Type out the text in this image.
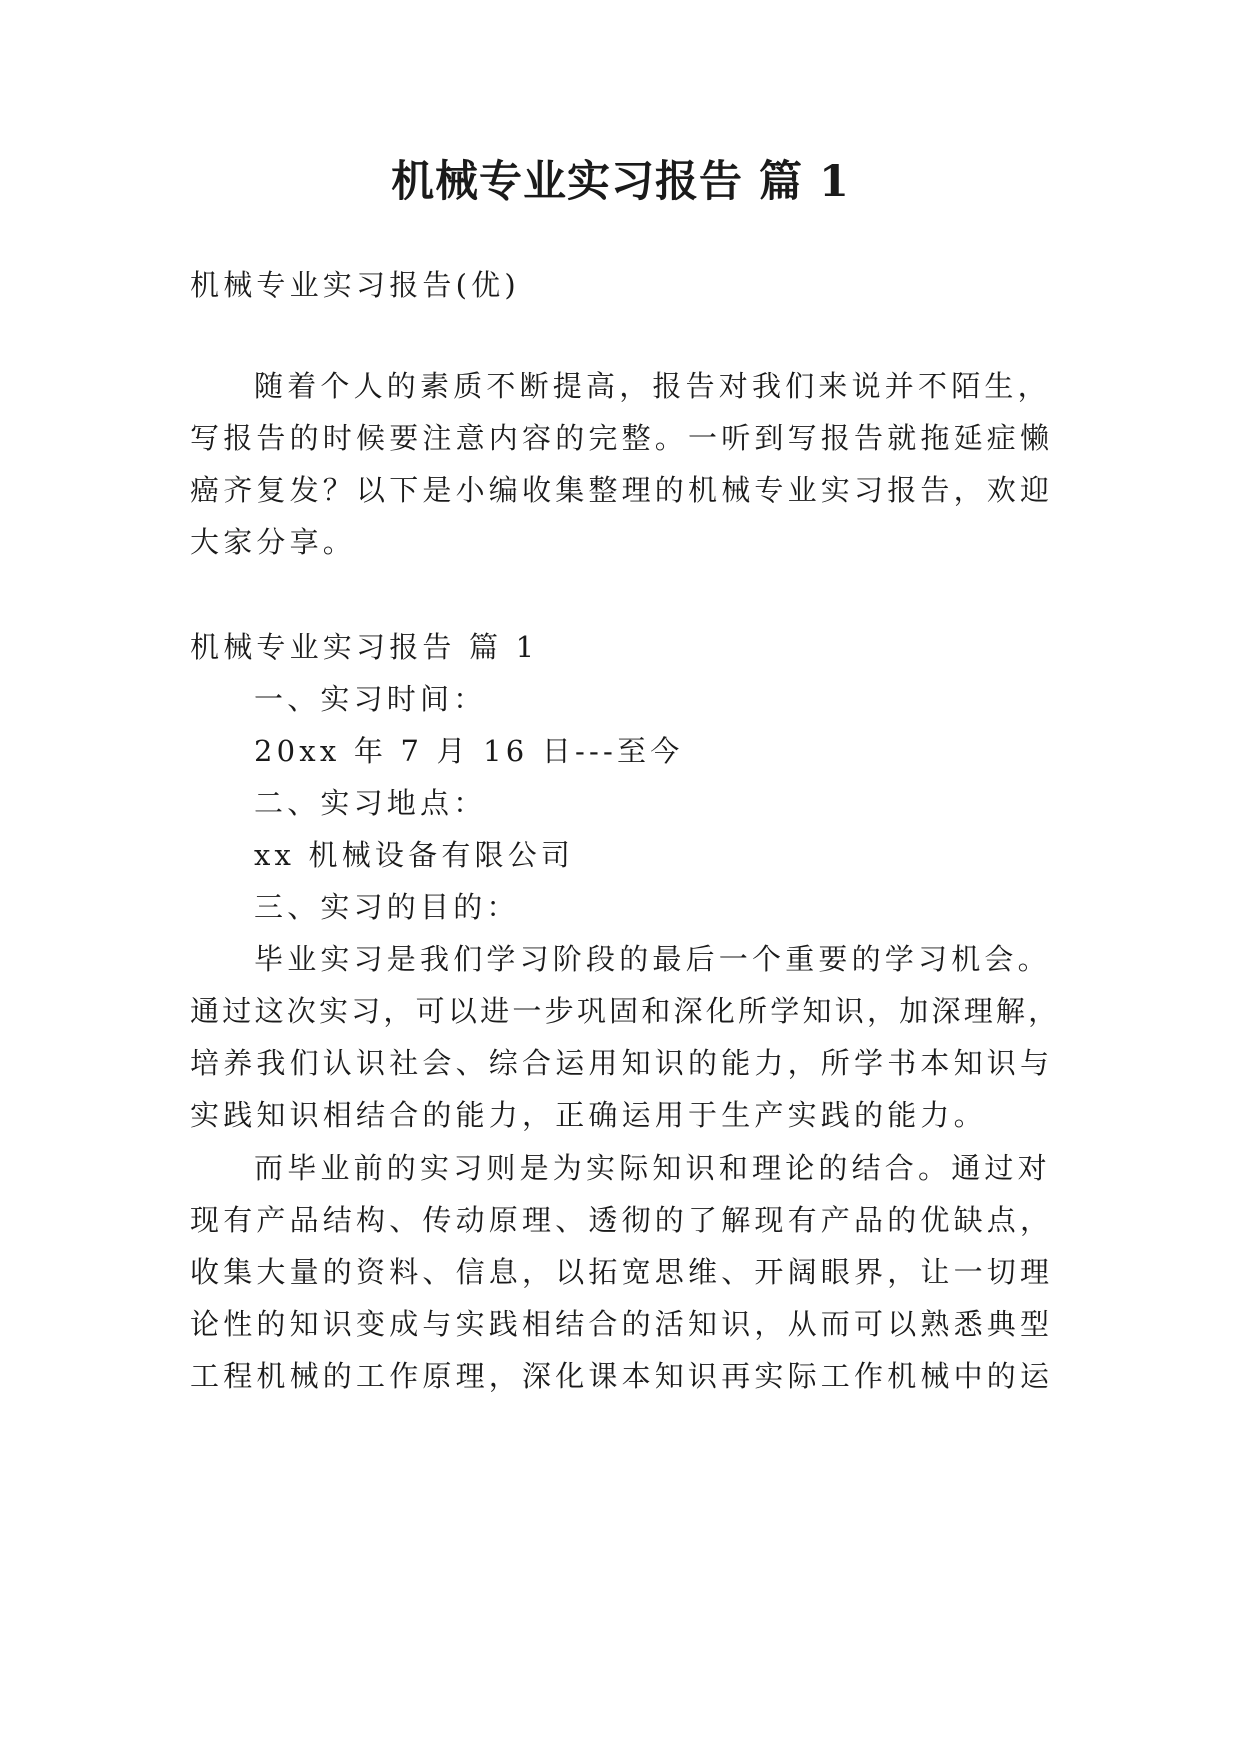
机械专业实习报告 篇 1
机械专业实习报告(优)
随着个人的素质不断提高，报告对我们来说并不陌生，
写报告的时候要注意内容的完整。一听到写报告就拖延症懒
癌齐复发？以下是小编收集整理的机械专业实习报告，欢迎
大家分享。
机械专业实习报告 篇 1
一、实习时间：
20xx 年 7 月 16 日---至今
二、实习地点：
xx 机械设备有限公司
三、实习的目的：
毕业实习是我们学习阶段的最后一个重要的学习机会。
通过这次实习，可以进一步巩固和深化所学知识，加深理解，
培养我们认识社会、综合运用知识的能力，所学书本知识与
实践知识相结合的能力，正确运用于生产实践的能力。
而毕业前的实习则是为实际知识和理论的结合。通过对
现有产品结构、传动原理、透彻的了解现有产品的优缺点，
收集大量的资料、信息，以拓宽思维、开阔眼界，让一切理
论性的知识变成与实践相结合的活知识，从而可以熟悉典型
工程机械的工作原理，深化课本知识再实际工作机械中的运
